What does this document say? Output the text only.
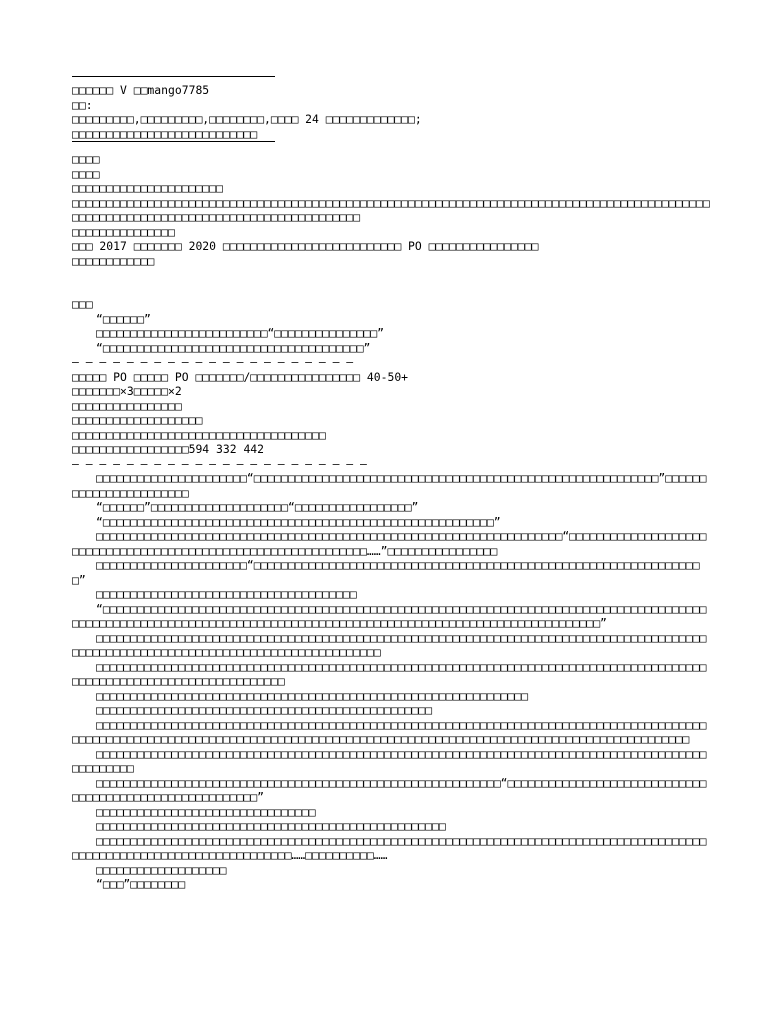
□□□□□□ V □□mango7785
□□:
□□□□□□□□□,□□□□□□□□□,□□□□□□□□,□□□□ 24 □□□□□□□□□□□□□;
□□□□□□□□□□□□□□□□□□□□□□□□□□□
□□□□
□□□□
□□□□□□□□□□□□□□□□□□□□□□
□□□□□□□□□□□□□□□□□□□□□□□□□□□□□□□□□□□□□□□□□□□□□□□□□□□□□□□□□□□□□□□□□□□□□□□□□□□□□□□□□□□□□□□□□□□□□□□□□□□□□□□□□□□□□□□□□□□□□□□□□□□□□□□□□□□□□□□
□□□□□□□□□□□□□□□
□□□ 2017 □□□□□□□ 2020 □□□□□□□□□□□□□□□□□□□□□□□□□□ PO □□□□□□□□□□□□□□□□
□□□□□□□□□□□□
□□□
“□□□□□□”
□□□□□□□□□□□□□□□□□□□□□□□□□“□□□□□□□□□□□□□□□”
“□□□□□□□□□□□□□□□□□□□□□□□□□□□□□□□□□□□□□□”
— — — — — — — — — — — — — — — — — — — — —
□□□□□ PO □□□□□ PO □□□□□□□/□□□□□□□□□□□□□□□□ 40-50+
□□□□□□□×3□□□□□×2
□□□□□□□□□□□□□□□□
□□□□□□□□□□□□□□□□□□□
□□□□□□□□□□□□□□□□□□□□□□□□□□□□□□□□□□□□□
□□□□□□□□□□□□□□□□□594 332 442
— — — — — — — — — — — — — — — — — — — — — —
□□□□□□□□□□□□□□□□□□□□□□“□□□□□□□□□□□□□□□□□□□□□□□□□□□□□□□□□□□□□□□□□□□□□□□□□□□□□□□□□□□”□□□□□□□□□□□□□□□□□□□□□□□
“□□□□□□”□□□□□□□□□□□□□□□□□□□□“□□□□□□□□□□□□□□□□□”
“□□□□□□□□□□□□□□□□□□□□□□□□□□□□□□□□□□□□□□□□□□□□□□□□□□□□□□□□□”
□□□□□□□□□□□□□□□□□□□□□□□□□□□□□□□□□□□□□□□□□□□□□□□□□□□□□□□□□□□□□□□□□□□□“□□□□□□□□□□□□□□□□□□□□□□□□□□□□□□□□□□□□□□□□□□□□□□□□□□□□□□□□□□□□□□□……”□□□□□□□□□□□□□□□□
□□□□□□□□□□□□□□□□□□□□□□“□□□□□□□□□□□□□□□□□□□□□□□□□□□□□□□□□□□□□□□□□□□□□□□□□□□□□□□□□□□□□□□□□□”
□□□□□□□□□□□□□□□□□□□□□□□□□□□□□□□□□□□□□□
“□□□□□□□□□□□□□□□□□□□□□□□□□□□□□□□□□□□□□□□□□□□□□□□□□□□□□□□□□□□□□□□□□□□□□□□□□□□□□□□□□□□□□□□□□□□□□□□□□□□□□□□□□□□□□□□□□□□□□□□□□□□□□□□□□□□□□□□□□□□□□□□□□□□□□□□□□□□□□□□□□□□□□”
□□□□□□□□□□□□□□□□□□□□□□□□□□□□□□□□□□□□□□□□□□□□□□□□□□□□□□□□□□□□□□□□□□□□□□□□□□□□□□□□□□□□□□□□□□□□□□□□□□□□□□□□□□□□□□□□□□□□□□□□□□□□□□□□□□□□□□
□□□□□□□□□□□□□□□□□□□□□□□□□□□□□□□□□□□□□□□□□□□□□□□□□□□□□□□□□□□□□□□□□□□□□□□□□□□□□□□□□□□□□□□□□□□□□□□□□□□□□□□□□□□□□□□□□□□□□□□□
□□□□□□□□□□□□□□□□□□□□□□□□□□□□□□□□□□□□□□□□□□□□□□□□□□□□□□□□□□□□□□□
□□□□□□□□□□□□□□□□□□□□□□□□□□□□□□□□□□□□□□□□□□□□□□□□□
□□□□□□□□□□□□□□□□□□□□□□□□□□□□□□□□□□□□□□□□□□□□□□□□□□□□□□□□□□□□□□□□□□□□□□□□□□□□□□□□□□□□□□□□□□□□□□□□□□□□□□□□□□□□□□□□□□□□□□□□□□□□□□□□□□□□□□□□□□□□□□□□□□□□□□□□□□□□□□□□□□□□□□□□□□□□□□□□□□□
□□□□□□□□□□□□□□□□□□□□□□□□□□□□□□□□□□□□□□□□□□□□□□□□□□□□□□□□□□□□□□□□□□□□□□□□□□□□□□□□□□□□□□□□□□□□□□□□□□
□□□□□□□□□□□□□□□□□□□□□□□□□□□□□□□□□□□□□□□□□□□□□□□□□□□□□□□□□□□“□□□□□□□□□□□□□□□□□□□□□□□□□□□□□□□□□□□□□□□□□□□□□□□□□□□□□□□□”
□□□□□□□□□□□□□□□□□□□□□□□□□□□□□□□□
□□□□□□□□□□□□□□□□□□□□□□□□□□□□□□□□□□□□□□□□□□□□□□□□□□□
□□□□□□□□□□□□□□□□□□□□□□□□□□□□□□□□□□□□□□□□□□□□□□□□□□□□□□□□□□□□□□□□□□□□□□□□□□□□□□□□□□□□□□□□□□□□□□□□□□□□□□□□□□□□□□□□□□□□□□□□□……□□□□□□□□□□……
□□□□□□□□□□□□□□□□□□□
“□□□”□□□□□□□□
